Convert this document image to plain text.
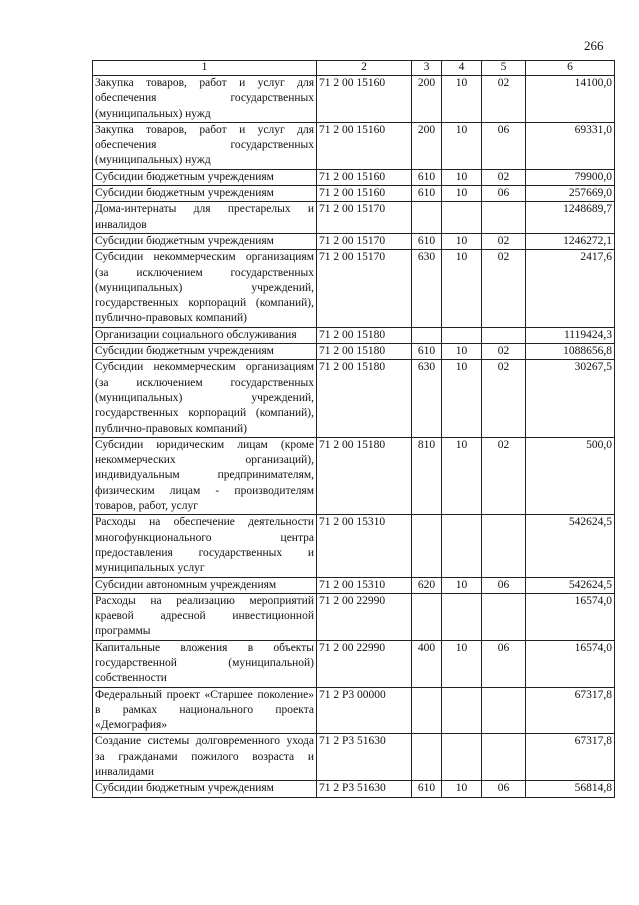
266
1	2	3	4	5	6
Закупка товаров, работ и услуг для обеспечения государственных (муниципальных) нужд	71 2 00 15160	200	10	02	14100,0
Закупка товаров, работ и услуг для обеспечения государственных (муниципальных) нужд	71 2 00 15160	200	10	06	69331,0
Субсидии бюджетным учреждениям	71 2 00 15160	610	10	02	79900,0
Субсидии бюджетным учреждениям	71 2 00 15160	610	10	06	257669,0
Дома-интернаты для престарелых и инвалидов	71 2 00 15170				1248689,7
Субсидии бюджетным учреждениям	71 2 00 15170	610	10	02	1246272,1
Субсидии некоммерческим организациям (за исключением государственных (муниципальных) учреждений, государственных корпораций (компаний), публично-правовых компаний)	71 2 00 15170	630	10	02	2417,6
Организации социального обслуживания	71 2 00 15180				1119424,3
Субсидии бюджетным учреждениям	71 2 00 15180	610	10	02	1088656,8
Субсидии некоммерческим организациям (за исключением государственных (муниципальных) учреждений, государственных корпораций (компаний), публично-правовых компаний)	71 2 00 15180	630	10	02	30267,5
Субсидии юридическим лицам (кроме некоммерческих организаций), индивидуальным предпринимателям, физическим лицам - производителям товаров, работ, услуг	71 2 00 15180	810	10	02	500,0
Расходы на обеспечение деятельности многофункционального центра предоставления государственных и муниципальных услуг	71 2 00 15310				542624,5
Субсидии автономным учреждениям	71 2 00 15310	620	10	06	542624,5
Расходы на реализацию мероприятий краевой адресной инвестиционной программы	71 2 00 22990				16574,0
Капитальные вложения в объекты государственной (муниципальной) собственности	71 2 00 22990	400	10	06	16574,0
Федеральный проект «Старшее поколение» в рамках национального проекта «Демография»	71 2 P3 00000				67317,8
Создание системы долговременного ухода за гражданами пожилого возраста и инвалидами	71 2 P3 51630				67317,8
Субсидии бюджетным учреждениям	71 2 P3 51630	610	10	06	56814,8
